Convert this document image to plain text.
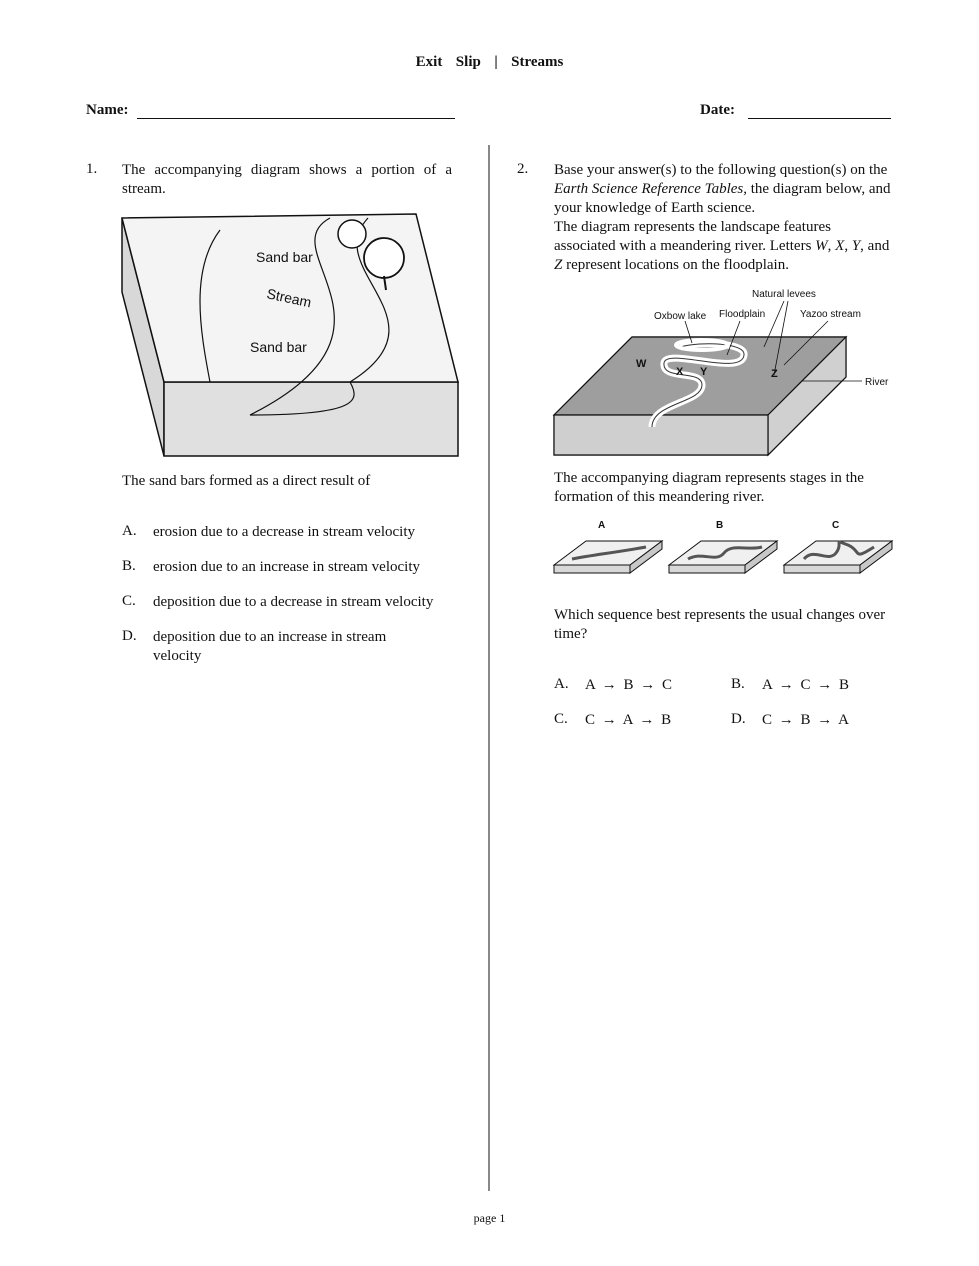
Exit  Slip  |  Streams
Name:	Date:
1. The accompanying diagram shows a portion of a stream.
Sand bar
Stream
Sand bar
The sand bars formed as a direct result of
A. erosion due to a decrease in stream velocity
B. erosion due to an increase in stream velocity
C. deposition due to a decrease in stream velocity
D. deposition due to an increase in stream velocity
2. Base your answer(s) to the following question(s) on the Earth Science Reference Tables, the diagram below, and your knowledge of Earth science.
The diagram represents the landscape features associated with a meandering river. Letters W, X, Y, and Z represent locations on the floodplain.
Natural levees
Oxbow lake Floodplain	Yazoo stream
River
W
X Y	Z
The accompanying diagram represents stages in the formation of this meandering river.
A	B	C
Which sequence best represents the usual changes over time?
A. A → B → C	B. A → C → B
C. C → A → B	D. C → B → A
page 1
